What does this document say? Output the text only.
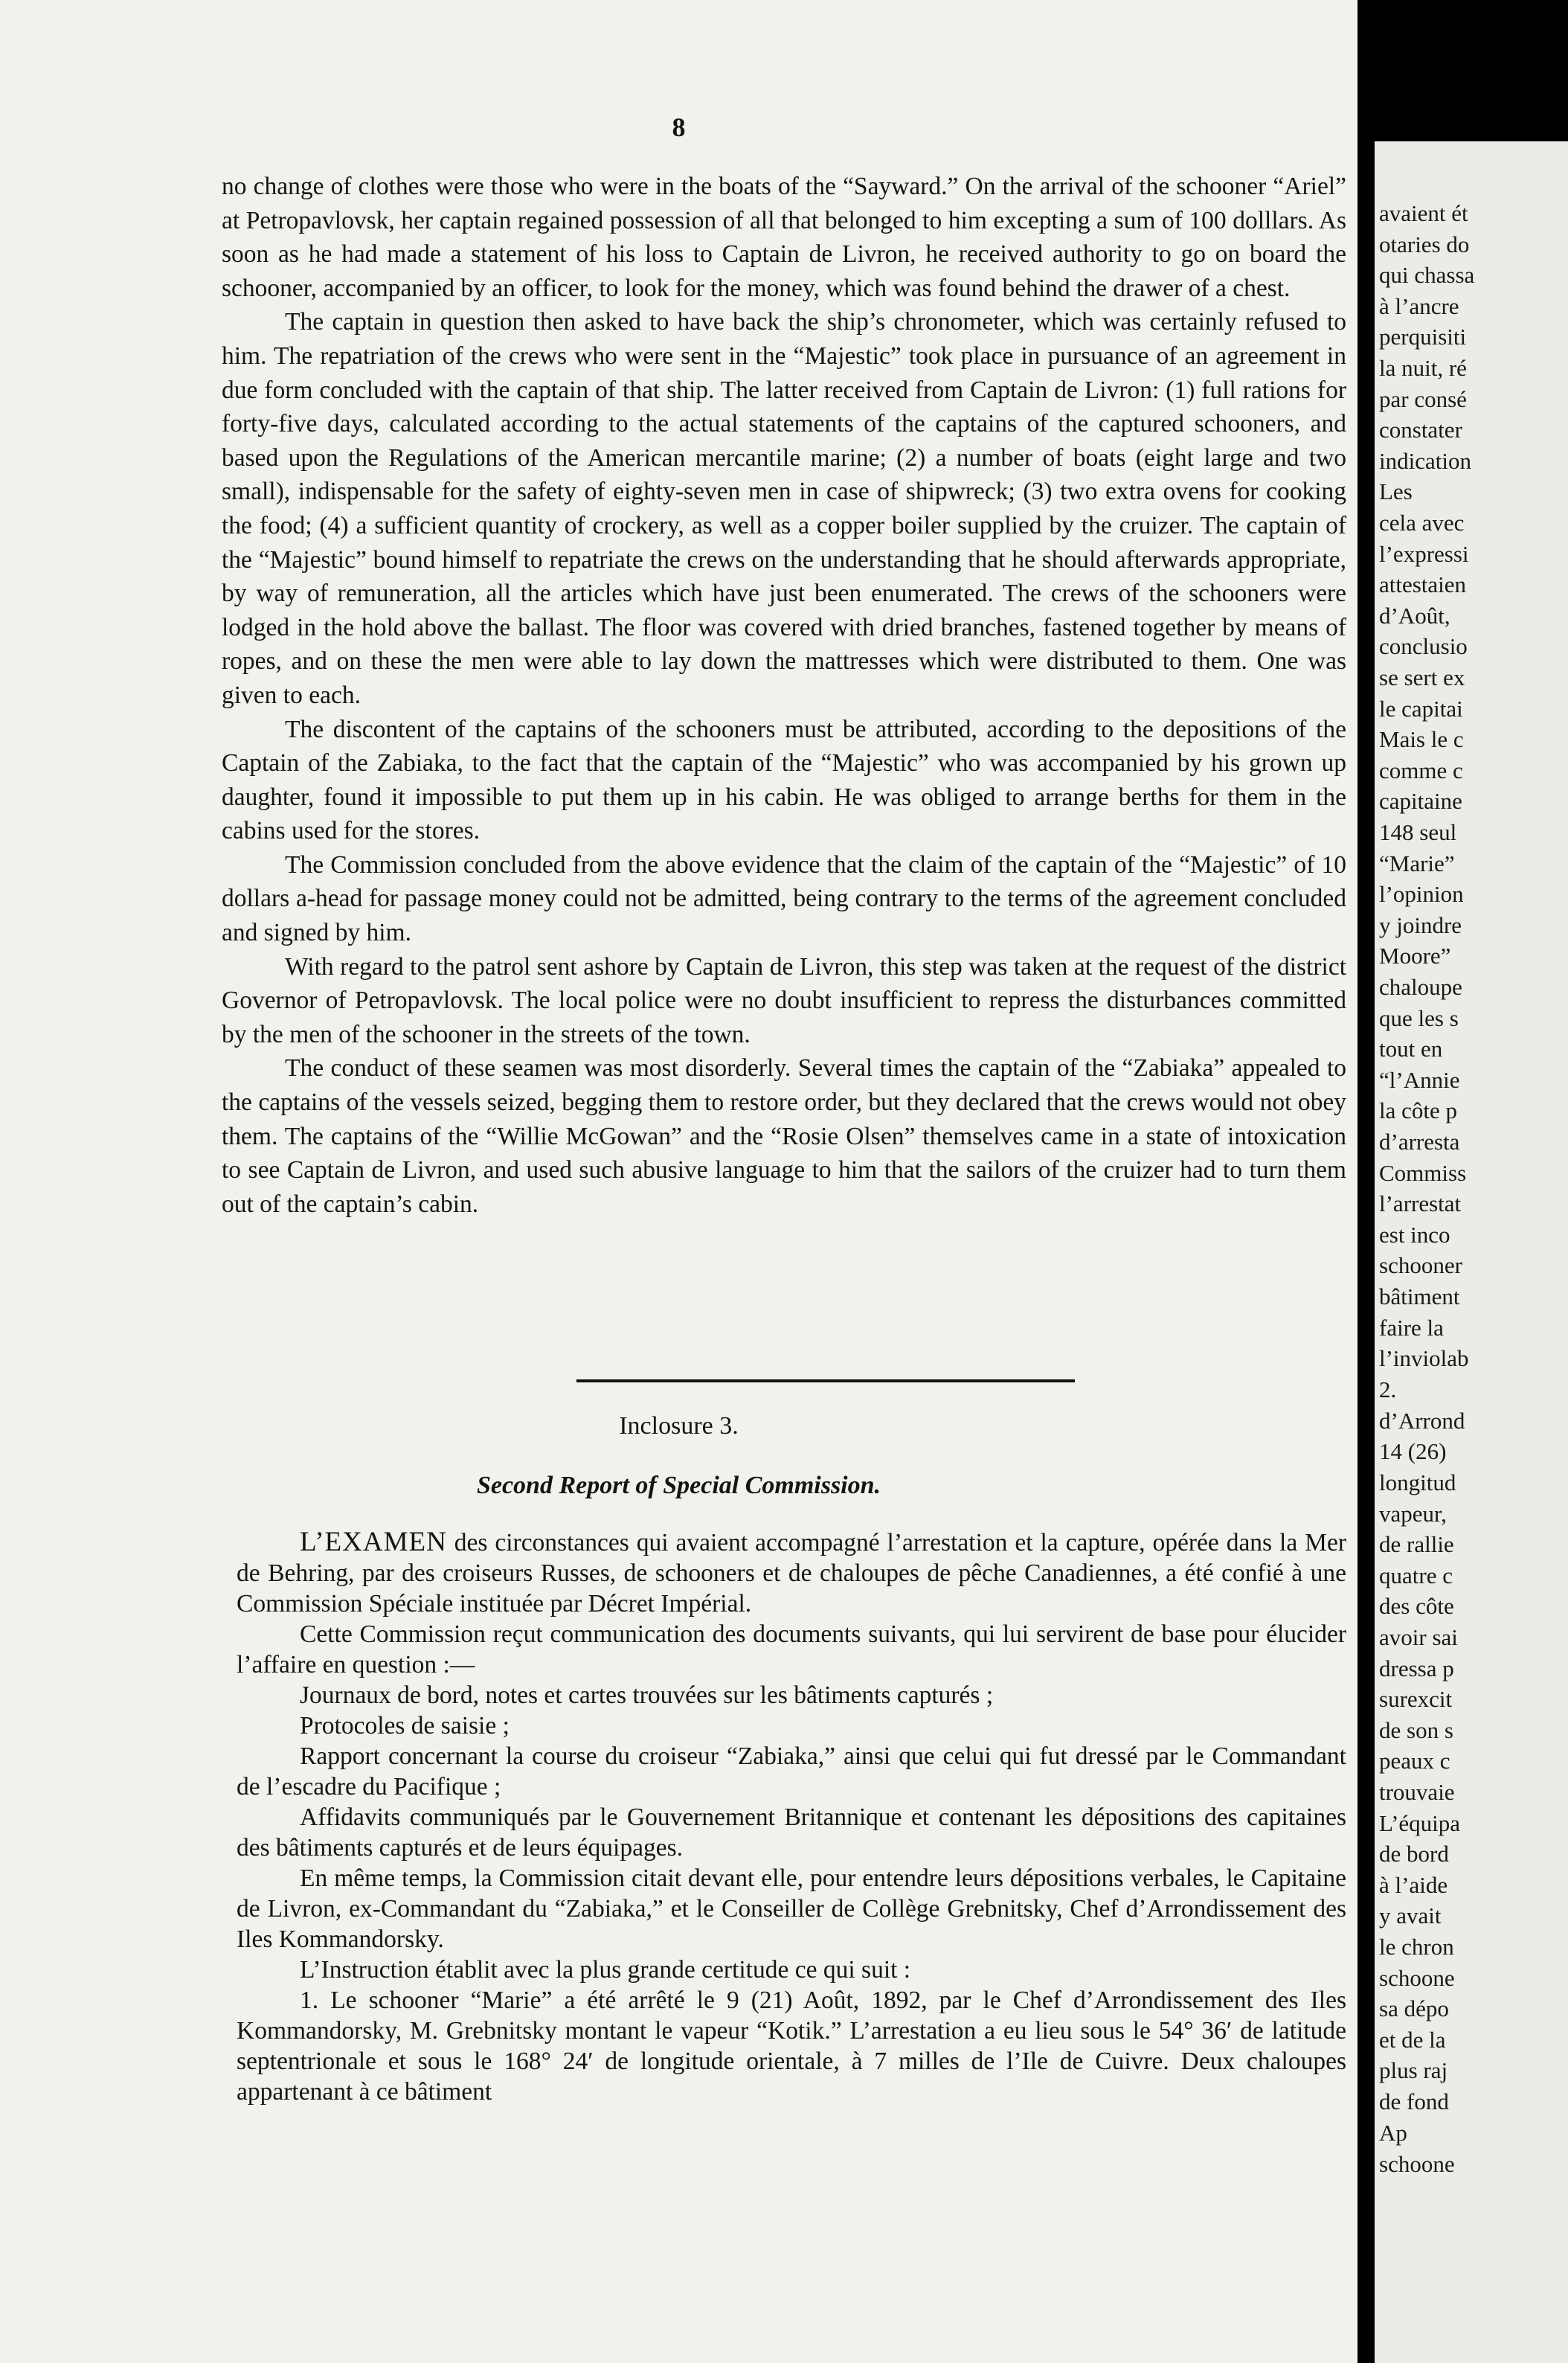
8

no change of clothes were those who were in the boats of the “Sayward.” On the arrival of the schooner “Ariel” at Petropavlovsk, her captain regained possession of all that belonged to him excepting a sum of 100 dolllars. As soon as he had made a statement of his loss to Captain de Livron, he received authority to go on board the schooner, accompanied by an officer, to look for the money, which was found behind the drawer of a chest.

The captain in question then asked to have back the ship’s chronometer, which was certainly refused to him. The repatriation of the crews who were sent in the “Majestic” took place in pursuance of an agreement in due form concluded with the captain of that ship. The latter received from Captain de Livron: (1) full rations for forty-five days, calculated according to the actual statements of the captains of the captured schooners, and based upon the Regulations of the American mercantile marine; (2) a number of boats (eight large and two small), indispensable for the safety of eighty-seven men in case of shipwreck; (3) two extra ovens for cooking the food; (4) a sufficient quantity of crockery, as well as a copper boiler supplied by the cruizer. The captain of the “Majestic” bound himself to repatriate the crews on the understanding that he should afterwards appropriate, by way of remuneration, all the articles which have just been enumerated. The crews of the schooners were lodged in the hold above the ballast. The floor was covered with dried branches, fastened together by means of ropes, and on these the men were able to lay down the mattresses which were distributed to them. One was given to each.

The discontent of the captains of the schooners must be attributed, according to the depositions of the Captain of the Zabiaka, to the fact that the captain of the “Majestic” who was accompanied by his grown up daughter, found it impossible to put them up in his cabin. He was obliged to arrange berths for them in the cabins used for the stores.

The Commission concluded from the above evidence that the claim of the captain of the “Majestic” of 10 dollars a-head for passage money could not be admitted, being contrary to the terms of the agreement concluded and signed by him.

With regard to the patrol sent ashore by Captain de Livron, this step was taken at the request of the district Governor of Petropavlovsk. The local police were no doubt insufficient to repress the disturbances committed by the men of the schooner in the streets of the town.

The conduct of these seamen was most disorderly. Several times the captain of the “Zabiaka” appealed to the captains of the vessels seized, begging them to restore order, but they declared that the crews would not obey them. The captains of the “Willie McGowan” and the “Rosie Olsen” themselves came in a state of intoxication to see Captain de Livron, and used such abusive language to him that the sailors of the cruizer had to turn them out of the captain’s cabin.

Inclosure 3.
Second Report of Special Commission.

L’EXAMEN des circonstances qui avaient accompagné l’arrestation et la capture, opérée dans la Mer de Behring, par des croiseurs Russes, de schooners et de chaloupes de pêche Canadiennes, a été confié à une Commission Spéciale instituée par Décret Impérial.

Cette Commission reçut communication des documents suivants, qui lui servirent de base pour élucider l’affaire en question :—

Journaux de bord, notes et cartes trouvées sur les bâtiments capturés ;

Protocoles de saisie ;

Rapport concernant la course du croiseur “Zabiaka,” ainsi que celui qui fut dressé par le Commandant de l’escadre du Pacifique ;

Affidavits communiqués par le Gouvernement Britannique et contenant les dépositions des capitaines des bâtiments capturés et de leurs équipages.

En même temps, la Commission citait devant elle, pour entendre leurs dépositions verbales, le Capitaine de Livron, ex-Commandant du “Zabiaka,” et le Conseiller de Collège Grebnitsky, Chef d’Arrondissement des Iles Kommandorsky.

L’Instruction établit avec la plus grande certitude ce qui suit :

1. Le schooner “Marie” a été arrêté le 9 (21) Août, 1892, par le Chef d’Arrondissement des Iles Kommandorsky, M. Grebnitsky montant le vapeur “Kotik.” L’arrestation a eu lieu sous le 54° 36′ de latitude septentrionale et sous le 168° 24′ de longitude orientale, à 7 milles de l’Ile de Cuivre. Deux chaloupes appartenant à ce bâtiment

avaient ét
otaries do
qui chassa
à l’ancre
perquisiti
la nuit, ré
par consé
constater
indication
Les
cela avec
l’expressi
attestaien
d’Août,
conclusio
se sert ex
le capitai
Mais le c
comme c
capitaine
148 seul
“Marie”
l’opinion
y joindre
Moore”
chaloupe
que les s
tout en
“l’Annie
la côte p
d’arresta
Commiss
l’arrestat
est inco
schooner
bâtiment
faire la
l’inviolab
2.
d’Arrond
14 (26)
longitud
vapeur,
de rallie
quatre c
des côte
avoir sai
dressa p
surexcit
de son s
peaux c
trouvaie
L’équipa
de bord
à l’aide
y avait
le chron
schoone
sa dépo
et de la
plus raj
de fond
Ap
schoone
